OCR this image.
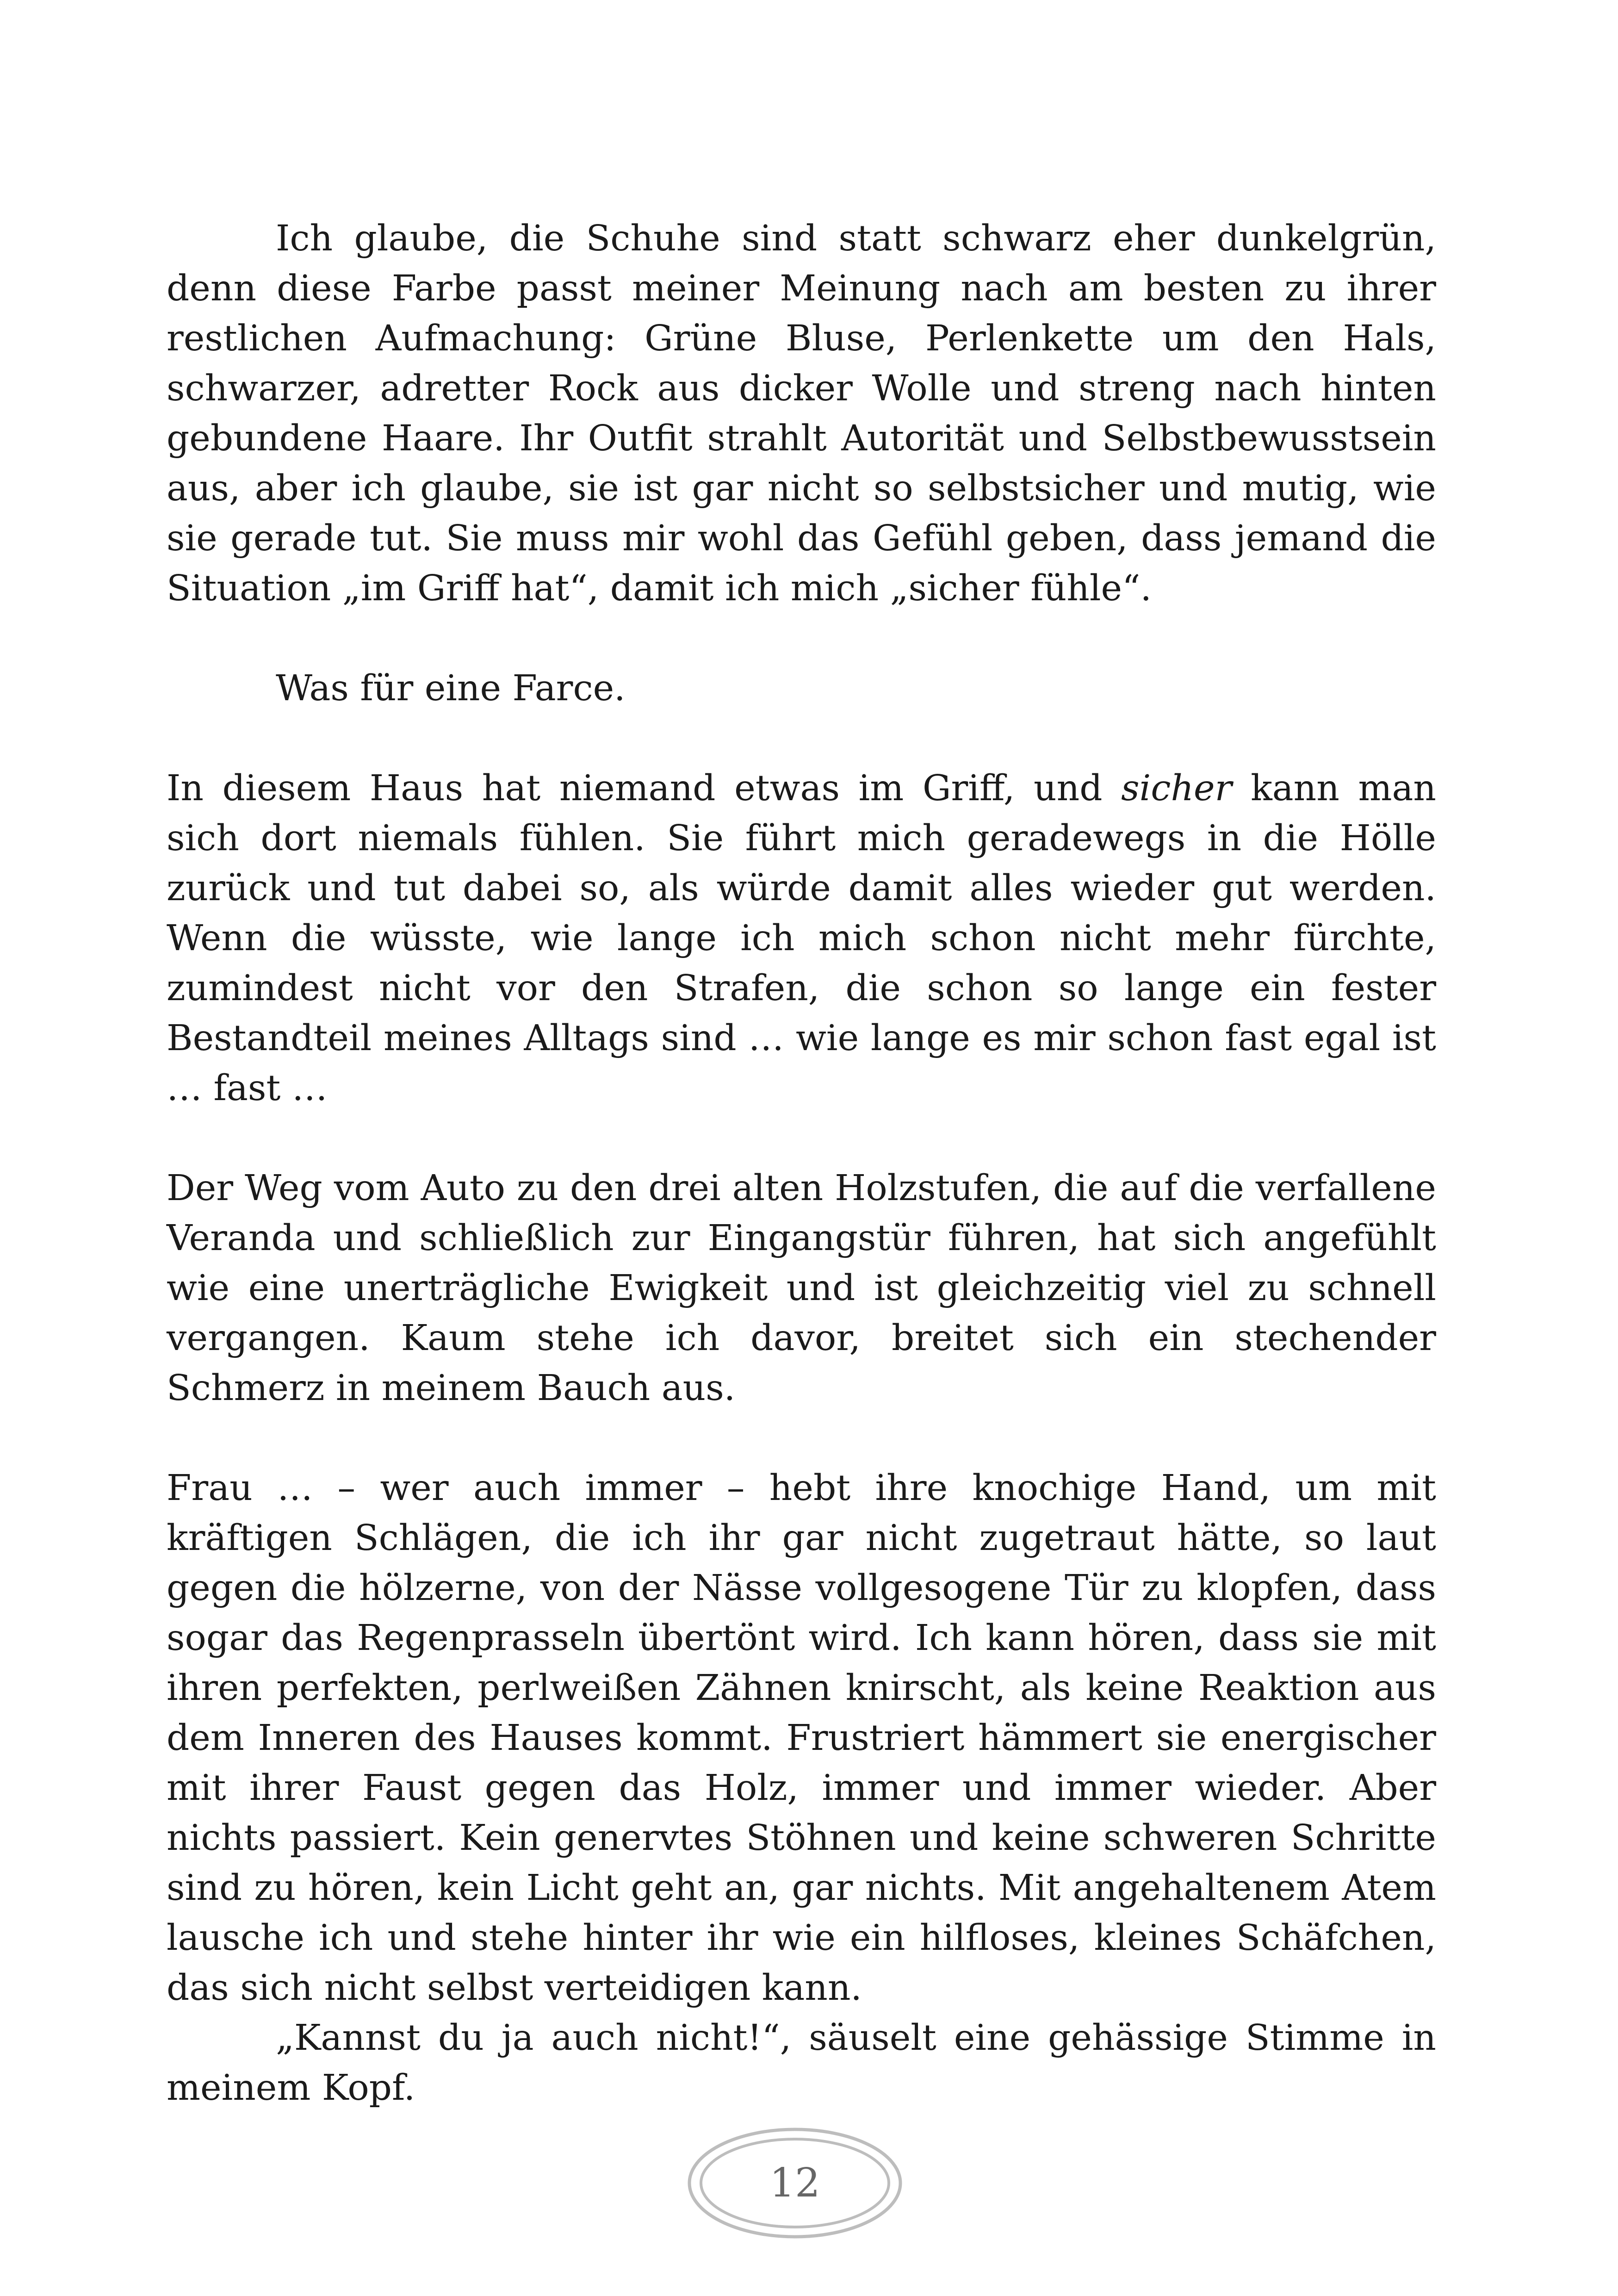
Ich glaube, die Schuhe sind statt schwarz eher dunkelgrün, denn diese Farbe passt meiner Meinung nach am besten zu ihrer restlichen Aufmachung: Grüne Bluse, Perlenkette um den Hals, schwarzer, adretter Rock aus dicker Wolle und streng nach hinten gebundene Haare. Ihr Outfit strahlt Autorität und Selbstbewusstsein aus, aber ich glaube, sie ist gar nicht so selbstsicher und mutig, wie sie gerade tut. Sie muss mir wohl das Gefühl geben, dass jemand die Situation „im Griff hat“, damit ich mich „sicher fühle“.

Was für eine Farce.

In diesem Haus hat niemand etwas im Griff, und sicher kann man sich dort niemals fühlen. Sie führt mich geradewegs in die Hölle zurück und tut dabei so, als würde damit alles wieder gut werden. Wenn die wüsste, wie lange ich mich schon nicht mehr fürchte, zumindest nicht vor den Strafen, die schon so lange ein fester Bestandteil meines Alltags sind … wie lange es mir schon fast egal ist … fast …

Der Weg vom Auto zu den drei alten Holzstufen, die auf die verfallene Veranda und schließlich zur Eingangstür führen, hat sich angefühlt wie eine unerträgliche Ewigkeit und ist gleichzeitig viel zu schnell vergangen. Kaum stehe ich davor, breitet sich ein stechender Schmerz in meinem Bauch aus.

Frau … – wer auch immer – hebt ihre knochige Hand, um mit kräftigen Schlägen, die ich ihr gar nicht zugetraut hätte, so laut gegen die hölzerne, von der Nässe vollgesogene Tür zu klopfen, dass sogar das Regenprasseln übertönt wird. Ich kann hören, dass sie mit ihren perfekten, perlweißen Zähnen knirscht, als keine Reaktion aus dem Inneren des Hauses kommt. Frustriert hämmert sie energischer mit ihrer Faust gegen das Holz, immer und immer wieder. Aber nichts passiert. Kein genervtes Stöhnen und keine schweren Schritte sind zu hören, kein Licht geht an, gar nichts. Mit angehaltenem Atem lausche ich und stehe hinter ihr wie ein hilfloses, kleines Schäfchen, das sich nicht selbst verteidigen kann.

„Kannst du ja auch nicht!“, säuselt eine gehässige Stimme in meinem Kopf.

12
